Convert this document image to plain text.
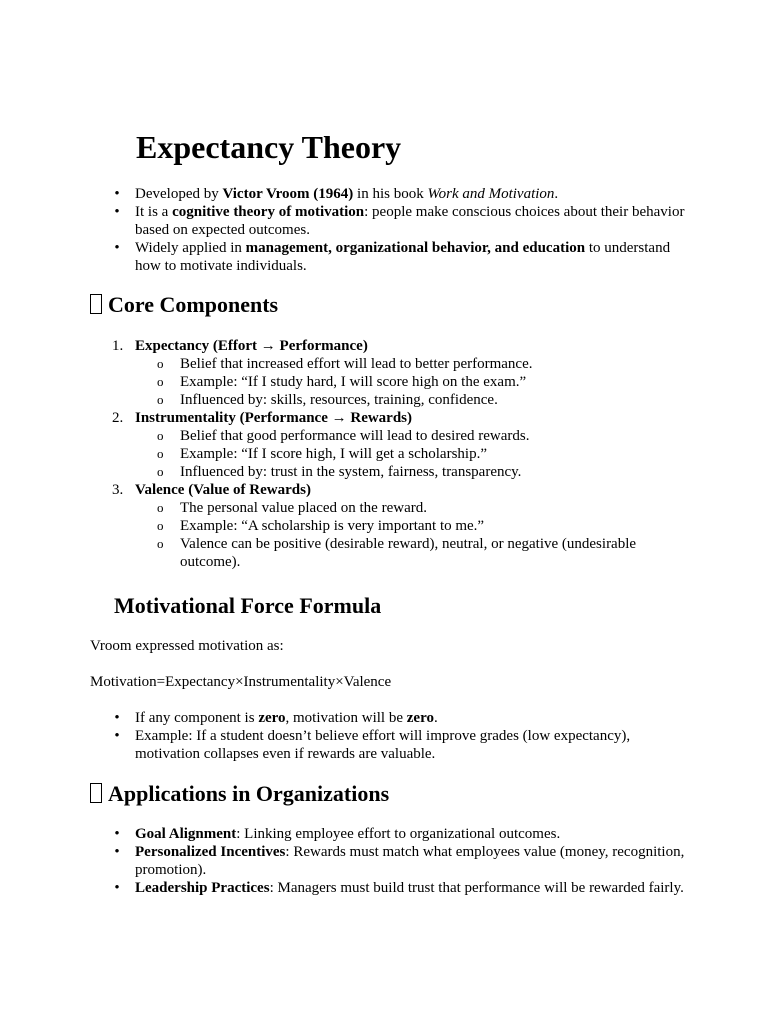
Expectancy Theory
• Developed by Victor Vroom (1964) in his book Work and Motivation.
• It is a cognitive theory of motivation: people make conscious choices about their behavior based on expected outcomes.
• Widely applied in management, organizational behavior, and education to understand how to motivate individuals.
Core Components
1. Expectancy (Effort → Performance)
o Belief that increased effort will lead to better performance.
o Example: “If I study hard, I will score high on the exam.”
o Influenced by: skills, resources, training, confidence.
2. Instrumentality (Performance → Rewards)
o Belief that good performance will lead to desired rewards.
o Example: “If I score high, I will get a scholarship.”
o Influenced by: trust in the system, fairness, transparency.
3. Valence (Value of Rewards)
o The personal value placed on the reward.
o Example: “A scholarship is very important to me.”
o Valence can be positive (desirable reward), neutral, or negative (undesirable outcome).
Motivational Force Formula

Vroom expressed motivation as:

Motivation=Expectancy×Instrumentality×Valence

• If any component is zero, motivation will be zero.
• Example: If a student doesn’t believe effort will improve grades (low expectancy), motivation collapses even if rewards are valuable.
Applications in Organizations
• Goal Alignment: Linking employee effort to organizational outcomes.
• Personalized Incentives: Rewards must match what employees value (money, recognition, promotion).
• Leadership Practices: Managers must build trust that performance will be rewarded fairly.
